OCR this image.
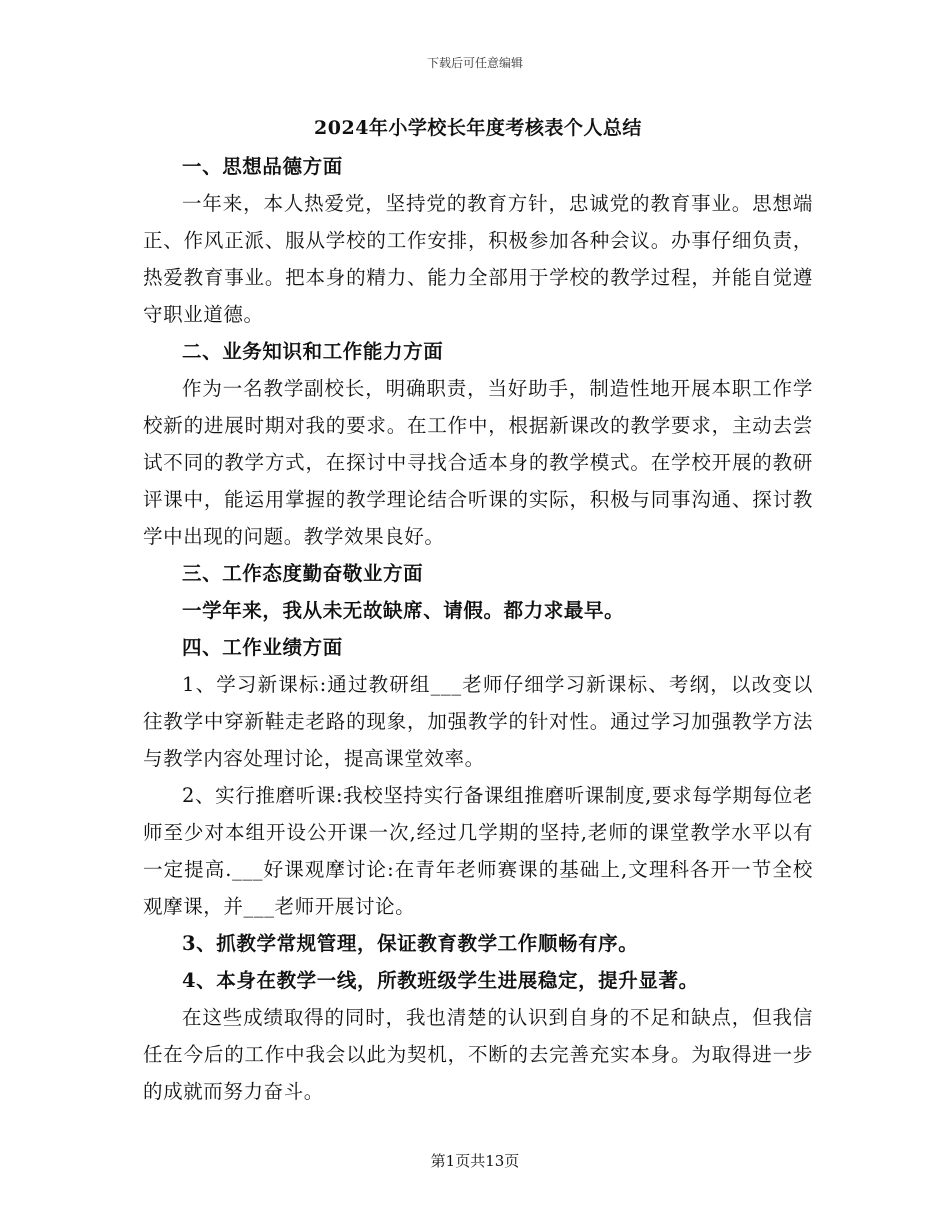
下载后可任意编辑

2024年小学校长年度考核表个人总结

一、思想品德方面

一年来，本人热爱党，坚持党的教育方针，忠诚党的教育事业。思想端正、作风正派、服从学校的工作安排，积极参加各种会议。办事仔细负责，热爱教育事业。把本身的精力、能力全部用于学校的教学过程，并能自觉遵守职业道德。

二、业务知识和工作能力方面

作为一名教学副校长，明确职责，当好助手，制造性地开展本职工作学校新的进展时期对我的要求。在工作中，根据新课改的教学要求，主动去尝试不同的教学方式，在探讨中寻找合适本身的教学模式。在学校开展的教研评课中，能运用掌握的教学理论结合听课的实际，积极与同事沟通、探讨教学中出现的问题。教学效果良好。

三、工作态度勤奋敬业方面

一学年来，我从未无故缺席、请假。都力求最早。

四、工作业绩方面

1、学习新课标:通过教研组___老师仔细学习新课标、考纲，以改变以往教学中穿新鞋走老路的现象，加强教学的针对性。通过学习加强教学方法与教学内容处理讨论，提高课堂效率。

2、实行推磨听课:我校坚持实行备课组推磨听课制度,要求每学期每位老师至少对本组开设公开课一次,经过几学期的坚持,老师的课堂教学水平以有一定提高.___好课观摩讨论:在青年老师赛课的基础上,文理科各开一节全校观摩课，并___老师开展讨论。

3、抓教学常规管理，保证教育教学工作顺畅有序。

4、本身在教学一线，所教班级学生进展稳定，提升显著。

在这些成绩取得的同时，我也清楚的认识到自身的不足和缺点，但我信任在今后的工作中我会以此为契机，不断的去完善充实本身。为取得进一步的成就而努力奋斗。

第1页共13页
